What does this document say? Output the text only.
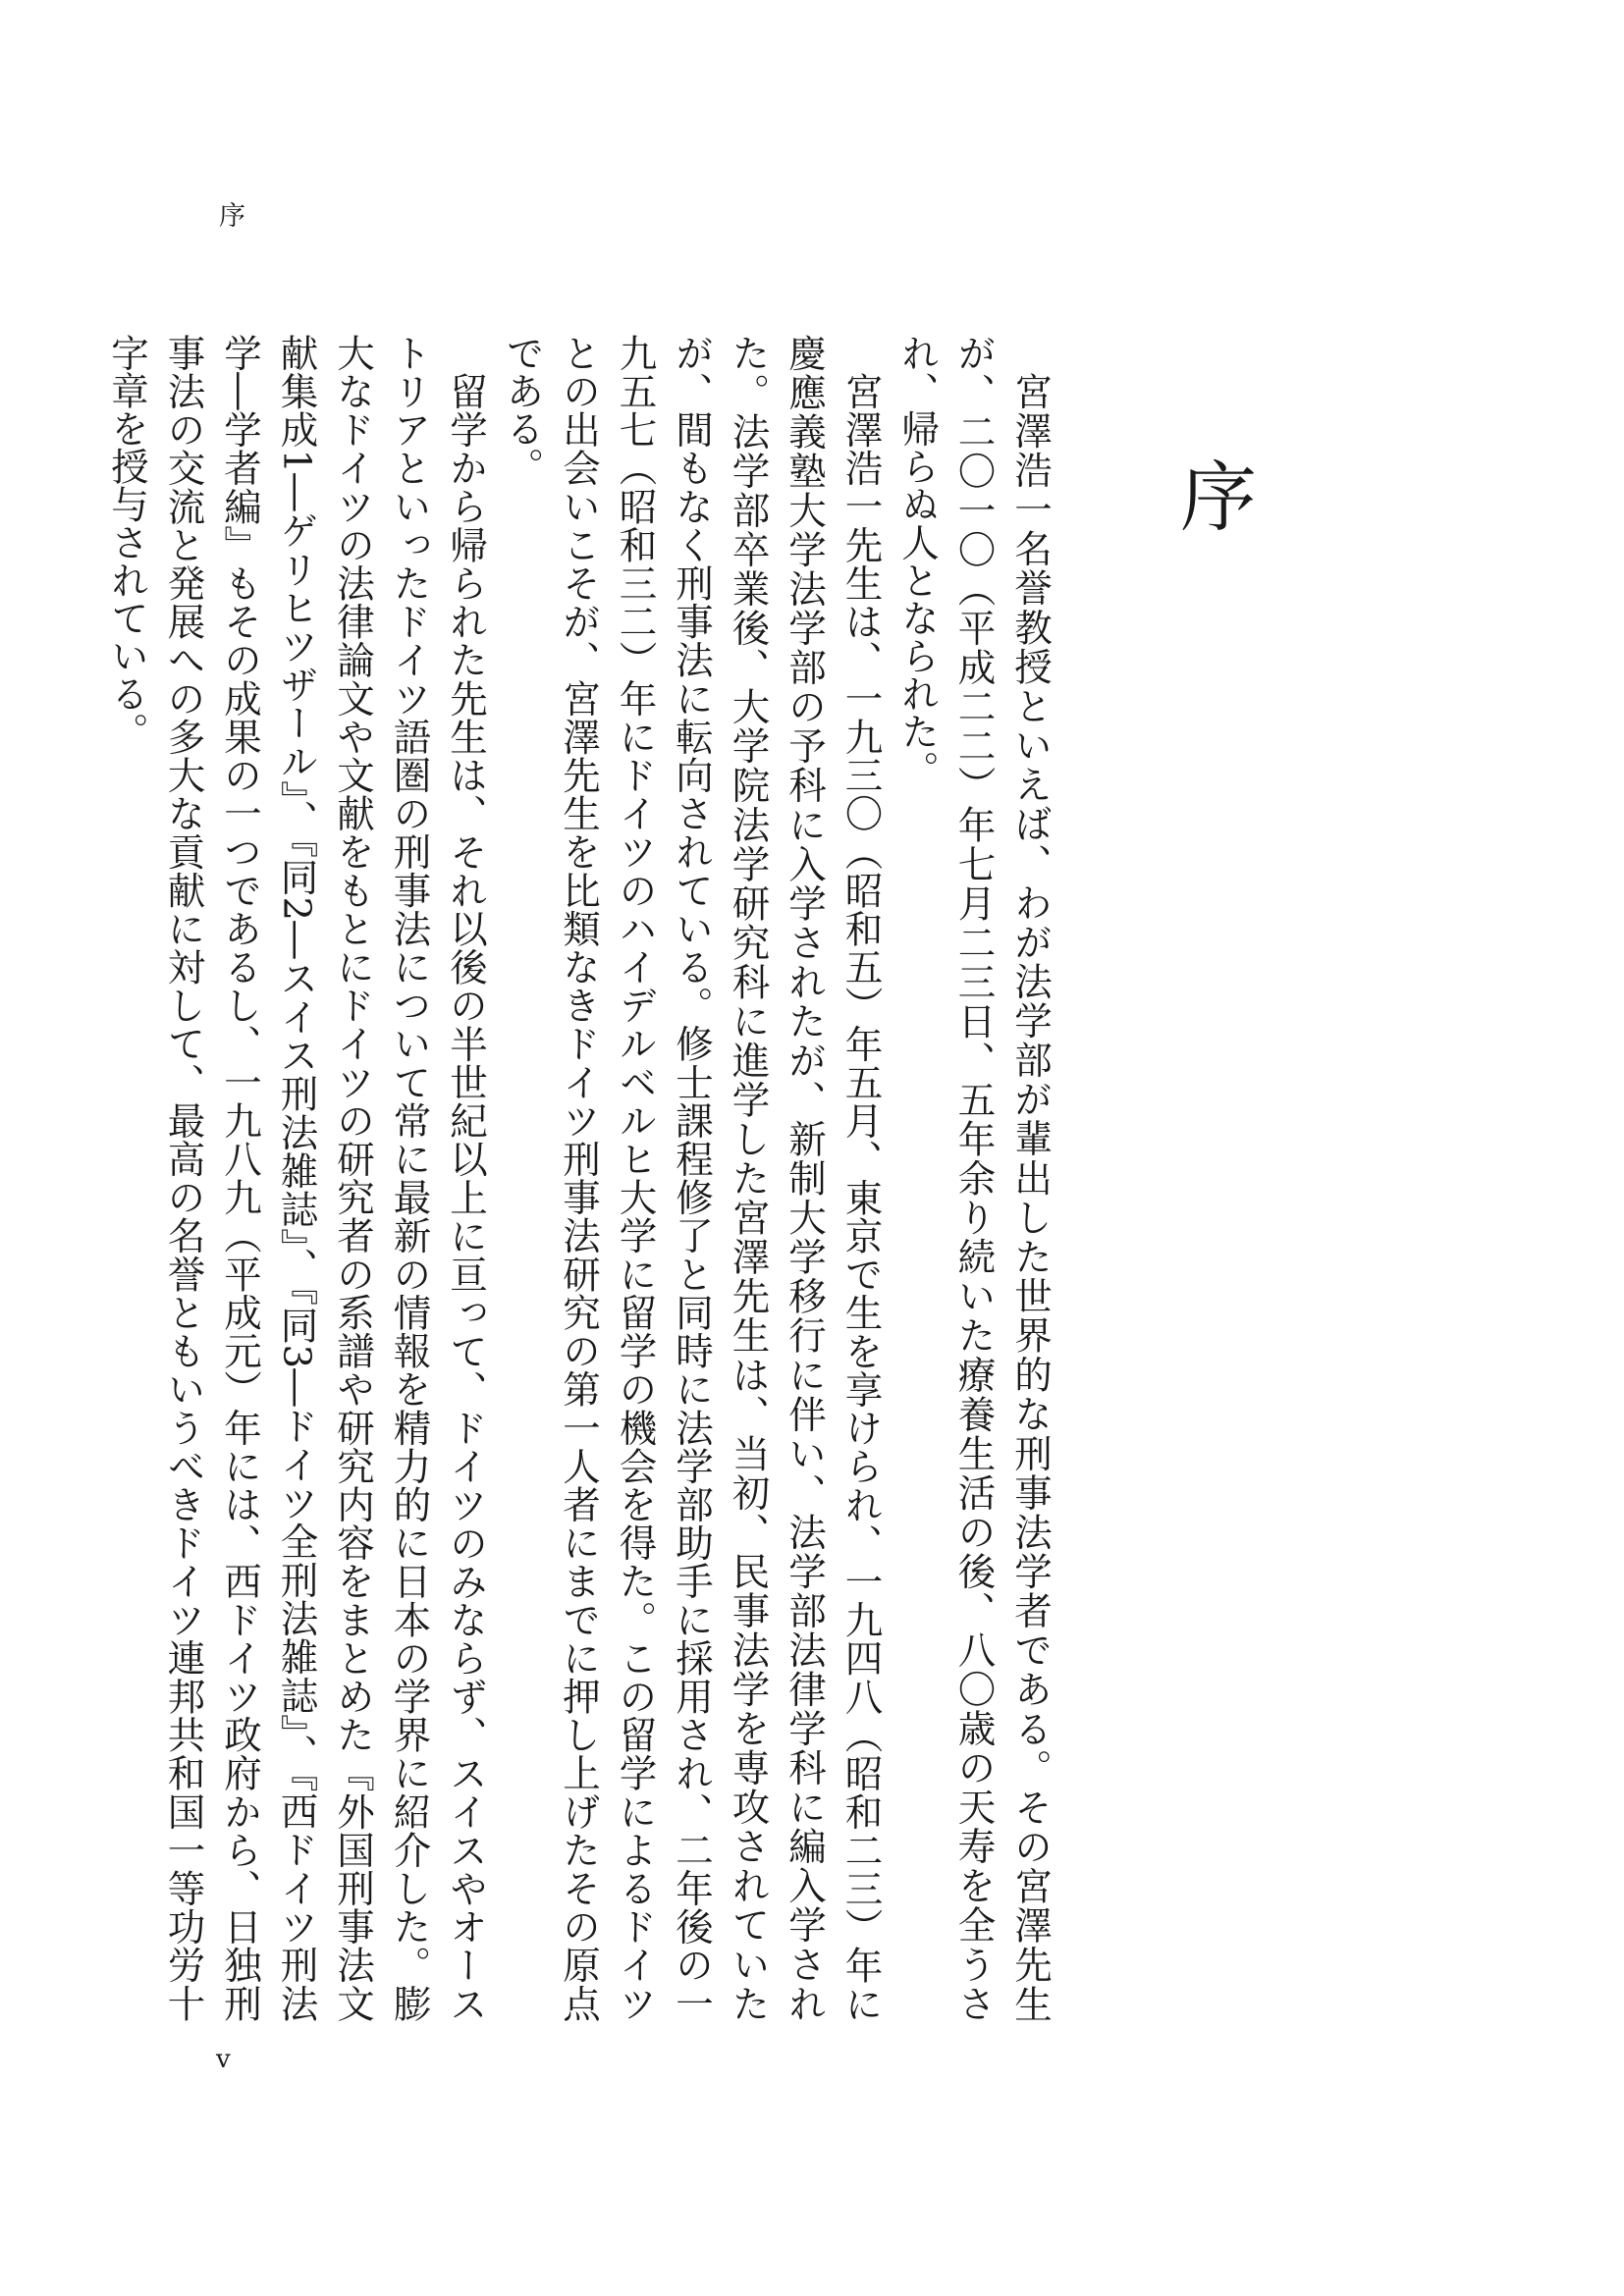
序
序

宮澤浩一名誉教授といえば、わが法学部が輩出した世界的な刑事法学者である。その宮澤先生が、二〇一〇（平成二二）年七月二三日、五年余り続いた療養生活の後、八〇歳の天寿を全うされ、帰らぬ人となられた。

宮澤浩一先生は、一九三〇（昭和五）年五月、東京で生を享けられ、一九四八（昭和二三）年に慶應義塾大学法学部の予科に入学されたが、新制大学移行に伴い、法学部法律学科に編入学された。法学部卒業後、大学院法学研究科に進学した宮澤先生は、当初、民事法学を専攻されていたが、間もなく刑事法に転向されている。修士課程修了と同時に法学部助手に採用され、二年後の一九五七（昭和三二）年にドイツのハイデルベルヒ大学に留学の機会を得た。この留学によるドイツとの出会いこそが、宮澤先生を比類なきドイツ刑事法研究の第一人者にまでに押し上げたその原点である。

留学から帰られた先生は、それ以後の半世紀以上に亘って、ドイツのみならず、スイスやオーストリアといったドイツ語圏の刑事法について常に最新の情報を精力的に日本の学界に紹介した。膨大なドイツの法律論文や文献をもとにドイツの研究者の系譜や研究内容をまとめた『外国刑事法文献集成1―ゲリヒツザール』、『同2―スイス刑法雑誌』、『同3―ドイツ全刑法雑誌』、『西ドイツ刑法学―学者編』もその成果の一つであるし、一九八九（平成元）年には、西ドイツ政府から、日独刑事法の交流と発展への多大な貢献に対して、最高の名誉ともいうべきドイツ連邦共和国一等功労十字章を授与されている。

v
